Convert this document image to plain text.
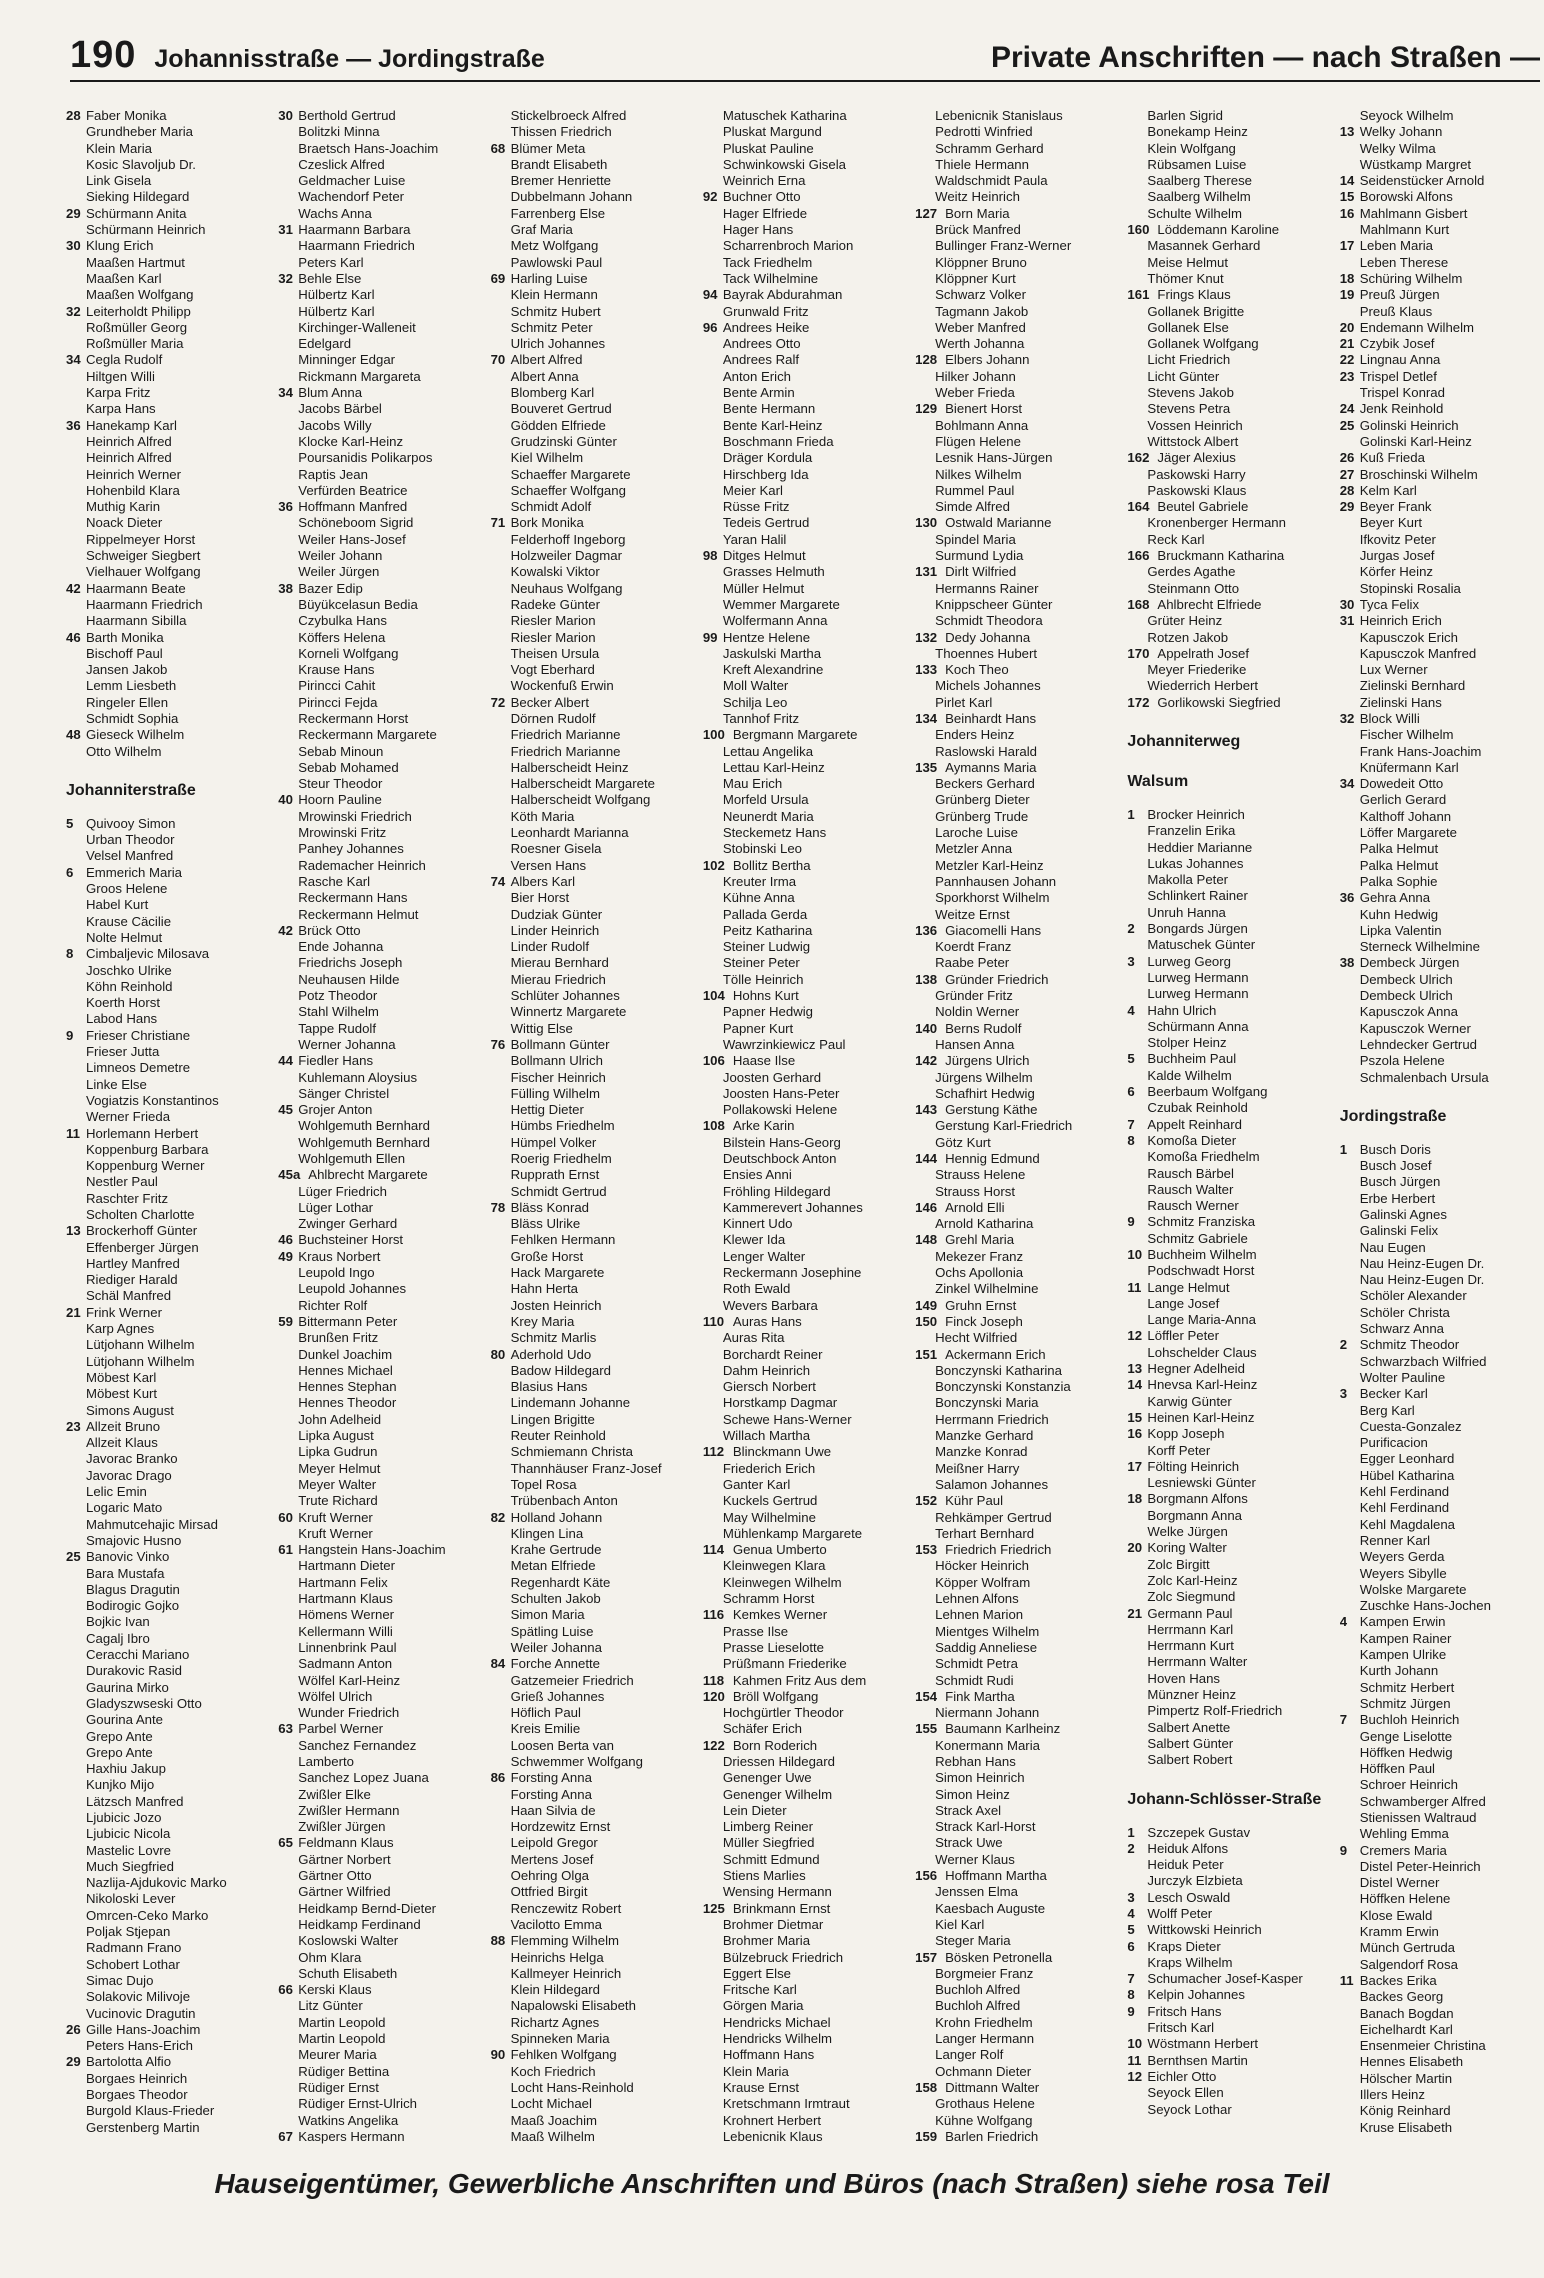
190 Johannisstraße — Jordingstraße	Private Anschriften — nach Straßen —
28 Faber Monika
Grundheber Maria
Klein Maria
Kosic Slavoljub Dr.
Link Gisela
Sieking Hildegard
29 Schürmann Anita
Schürmann Heinrich
30 Klung Erich
Maaßen Hartmut
Maaßen Karl
Maaßen Wolfgang
32 Leiterholdt Philipp
Roßmüller Georg
Roßmüller Maria
34 Cegla Rudolf
Hiltgen Willi
Karpa Fritz
Karpa Hans
36 Hanekamp Karl
Heinrich Alfred
Heinrich Alfred
Heinrich Werner
Hohenbild Klara
Muthig Karin
Noack Dieter
Rippelmeyer Horst
Schweiger Siegbert
Vielhauer Wolfgang
42 Haarmann Beate
Haarmann Friedrich
Haarmann Sibilla
46 Barth Monika
Bischoff Paul
Jansen Jakob
Lemm Liesbeth
Ringeler Ellen
Schmidt Sophia
48 Gieseck Wilhelm
Otto Wilhelm
Johanniterstraße
5 Quivooy Simon
Urban Theodor
Velsel Manfred
6 Emmerich Maria
Groos Helene
Habel Kurt
Krause Cäcilie
Nolte Helmut
8 Cimbaljevic Milosava
Joschko Ulrike
Köhn Reinhold
Koerth Horst
Labod Hans
9 Frieser Christiane
Frieser Jutta
Limneos Demetre
Linke Else
Vogiatzis Konstantinos
Werner Frieda
11 Horlemann Herbert
Koppenburg Barbara
Koppenburg Werner
Nestler Paul
Raschter Fritz
Scholten Charlotte
13 Brockerhoff Günter
Effenberger Jürgen
Hartley Manfred
Riediger Harald
Schäl Manfred
21 Frink Werner
Karp Agnes
Lütjohann Wilhelm
Lütjohann Wilhelm
Möbest Karl
Möbest Kurt
Simons August
23 Allzeit Bruno
Allzeit Klaus
Javorac Branko
Javorac Drago
Lelic Emin
Logaric Mato
Mahmutcehajic Mirsad
Smajovic Husno
25 Banovic Vinko
Bara Mustafa
Blagus Dragutin
Bodirogic Gojko
Bojkic Ivan
Cagalj Ibro
Ceracchi Mariano
Durakovic Rasid
Gaurina Mirko
Gladyszwseski Otto
Gourina Ante
Grepo Ante
Grepo Ante
Haxhiu Jakup
Kunjko Mijo
Lätzsch Manfred
Ljubicic Jozo
Ljubicic Nicola
Mastelic Lovre
Much Siegfried
Nazlija-Ajdukovic Marko
Nikoloski Lever
Omrcen-Ceko Marko
Poljak Stjepan
Radmann Frano
Schobert Lothar
Simac Dujo
Solakovic Milivoje
Vucinovic Dragutin
26 Gille Hans-Joachim
Peters Hans-Erich
29 Bartolotta Alfio
Borgaes Heinrich
Borgaes Theodor
Burgold Klaus-Frieder
Gerstenberg Martin
30 Berthold Gertrud
Bolitzki Minna
Braetsch Hans-Joachim
Czeslick Alfred
Geldmacher Luise
Wachendorf Peter
Wachs Anna
31 Haarmann Barbara
Haarmann Friedrich
Peters Karl
32 Behle Else
Hülbertz Karl
Hülbertz Karl
Kirchinger-Walleneit
Edelgard
Minninger Edgar
Rickmann Margareta
34 Blum Anna
Jacobs Bärbel
Jacobs Willy
Klocke Karl-Heinz
Poursanidis Polikarpos
Raptis Jean
Verfürden Beatrice
36 Hoffmann Manfred
Schöneboom Sigrid
Weiler Hans-Josef
Weiler Johann
Weiler Jürgen
38 Bazer Edip
Büyükcelasun Bedia
Czybulka Hans
Köffers Helena
Korneli Wolfgang
Krause Hans
Pirincci Cahit
Pirincci Fejda
Reckermann Horst
Reckermann Margarete
Sebab Minoun
Sebab Mohamed
Steur Theodor
40 Hoorn Pauline
Mrowinski Friedrich
Mrowinski Fritz
Panhey Johannes
Rademacher Heinrich
Rasche Karl
Reckermann Hans
Reckermann Helmut
42 Brück Otto
Ende Johanna
Friedrichs Joseph
Neuhausen Hilde
Potz Theodor
Stahl Wilhelm
Tappe Rudolf
Werner Johanna
44 Fiedler Hans
Kuhlemann Aloysius
Sänger Christel
45 Grojer Anton
Wohlgemuth Bernhard
Wohlgemuth Bernhard
Wohlgemuth Ellen
45a Ahlbrecht Margarete
Lüger Friedrich
Lüger Lothar
Zwinger Gerhard
46 Buchsteiner Horst
49 Kraus Norbert
Leupold Ingo
Leupold Johannes
Richter Rolf
59 Bittermann Peter
Brunßen Fritz
Dunkel Joachim
Hennes Michael
Hennes Stephan
Hennes Theodor
John Adelheid
Lipka August
Lipka Gudrun
Meyer Helmut
Meyer Walter
Trute Richard
60 Kruft Werner
Kruft Werner
61 Hangstein Hans-Joachim
Hartmann Dieter
Hartmann Felix
Hartmann Klaus
Hömens Werner
Kellermann Willi
Linnenbrink Paul
Sadmann Anton
Wölfel Karl-Heinz
Wölfel Ulrich
Wunder Friedrich
63 Parbel Werner
Sanchez Fernandez
Lamberto
Sanchez Lopez Juana
Zwißler Elke
Zwißler Hermann
Zwißler Jürgen
65 Feldmann Klaus
Gärtner Norbert
Gärtner Otto
Gärtner Wilfried
Heidkamp Bernd-Dieter
Heidkamp Ferdinand
Koslowski Walter
Ohm Klara
Schuth Elisabeth
66 Kerski Klaus
Litz Günter
Martin Leopold
Martin Leopold
Meurer Maria
Rüdiger Bettina
Rüdiger Ernst
Rüdiger Ernst-Ulrich
Watkins Angelika
67 Kaspers Hermann
Stickelbroeck Alfred
Thissen Friedrich
68 Blümer Meta
Brandt Elisabeth
Bremer Henriette
Dubbelmann Johann
Farrenberg Else
Graf Maria
Metz Wolfgang
Pawlowski Paul
69 Harling Luise
Klein Hermann
Schmitz Hubert
Schmitz Peter
Ulrich Johannes
70 Albert Alfred
Albert Anna
Blomberg Karl
Bouveret Gertrud
Gödden Elfriede
Grudzinski Günter
Kiel Wilhelm
Schaeffer Margarete
Schaeffer Wolfgang
Schmidt Adolf
71 Bork Monika
Felderhoff Ingeborg
Holzweiler Dagmar
Kowalski Viktor
Neuhaus Wolfgang
Radeke Günter
Riesler Marion
Riesler Marion
Theisen Ursula
Vogt Eberhard
Wockenfuß Erwin
72 Becker Albert
Dörnen Rudolf
Friedrich Marianne
Friedrich Marianne
Halberscheidt Heinz
Halberscheidt Margarete
Halberscheidt Wolfgang
Köth Maria
Leonhardt Marianna
Roesner Gisela
Versen Hans
74 Albers Karl
Bier Horst
Dudziak Günter
Linder Heinrich
Linder Rudolf
Mierau Bernhard
Mierau Friedrich
Schlüter Johannes
Winnertz Margarete
Wittig Else
76 Bollmann Günter
Bollmann Ulrich
Fischer Heinrich
Fülling Wilhelm
Hettig Dieter
Hümbs Friedhelm
Hümpel Volker
Roerig Friedhelm
Rupprath Ernst
Schmidt Gertrud
78 Bläss Konrad
Bläss Ulrike
Fehlken Hermann
Große Horst
Hack Margarete
Hahn Herta
Josten Heinrich
Krey Maria
Schmitz Marlis
80 Aderhold Udo
Badow Hildegard
Blasius Hans
Lindemann Johanne
Lingen Brigitte
Reuter Reinhold
Schmiemann Christa
Thannhäuser Franz-Josef
Topel Rosa
Trübenbach Anton
82 Holland Johann
Klingen Lina
Krahe Gertrude
Metan Elfriede
Regenhardt Käte
Schulten Jakob
Simon Maria
Spätling Luise
Weiler Johanna
84 Forche Annette
Gatzemeier Friedrich
Grieß Johannes
Höflich Paul
Kreis Emilie
Loosen Berta van
Schwemmer Wolfgang
86 Forsting Anna
Forsting Anna
Haan Silvia de
Hordzewitz Ernst
Leipold Gregor
Mertens Josef
Oehring Olga
Ottfried Birgit
Renczewitz Robert
Vacilotto Emma
88 Flemming Wilhelm
Heinrichs Helga
Kallmeyer Heinrich
Klein Hildegard
Napalowski Elisabeth
Richartz Agnes
Spinneken Maria
90 Fehlken Wolfgang
Koch Friedrich
Locht Hans-Reinhold
Locht Michael
Maaß Joachim
Maaß Wilhelm
Matuschek Katharina
Pluskat Margund
Pluskat Pauline
Schwinkowski Gisela
Weinrich Erna
92 Buchner Otto
Hager Elfriede
Hager Hans
Scharrenbroch Marion
Tack Friedhelm
Tack Wilhelmine
94 Bayrak Abdurahman
Grunwald Fritz
96 Andrees Heike
Andrees Otto
Andrees Ralf
Anton Erich
Bente Armin
Bente Hermann
Bente Karl-Heinz
Boschmann Frieda
Dräger Kordula
Hirschberg Ida
Meier Karl
Rüsse Fritz
Tedeis Gertrud
Yaran Halil
98 Ditges Helmut
Grasses Helmuth
Müller Helmut
Wemmer Margarete
Wolfermann Anna
99 Hentze Helene
Jaskulski Martha
Kreft Alexandrine
Moll Walter
Schilja Leo
Tannhof Fritz
100 Bergmann Margarete
Lettau Angelika
Lettau Karl-Heinz
Mau Erich
Morfeld Ursula
Neunerdt Maria
Steckemetz Hans
Stobinski Leo
102 Bollitz Bertha
Kreuter Irma
Kühne Anna
Pallada Gerda
Peitz Katharina
Steiner Ludwig
Steiner Peter
Tölle Heinrich
104 Hohns Kurt
Papner Hedwig
Papner Kurt
Wawrzinkiewicz Paul
106 Haase Ilse
Joosten Gerhard
Joosten Hans-Peter
Pollakowski Helene
108 Arke Karin
Bilstein Hans-Georg
Deutschbock Anton
Ensies Anni
Fröhling Hildegard
Kammerevert Johannes
Kinnert Udo
Klewer Ida
Lenger Walter
Reckermann Josephine
Roth Ewald
Wevers Barbara
110 Auras Hans
Auras Rita
Borchardt Reiner
Dahm Heinrich
Giersch Norbert
Horstkamp Dagmar
Schewe Hans-Werner
Willach Martha
112 Blinckmann Uwe
Friederich Erich
Ganter Karl
Kuckels Gertrud
May Wilhelmine
Mühlenkamp Margarete
114 Genua Umberto
Kleinwegen Klara
Kleinwegen Wilhelm
Schramm Horst
116 Kemkes Werner
Prasse Ilse
Prasse Lieselotte
Prüßmann Friederike
118 Kahmen Fritz Aus dem
120 Bröll Wolfgang
Hochgürtler Theodor
Schäfer Erich
122 Born Roderich
Driessen Hildegard
Genenger Uwe
Genenger Wilhelm
Lein Dieter
Limberg Reiner
Müller Siegfried
Schmitt Edmund
Stiens Marlies
Wensing Hermann
125 Brinkmann Ernst
Brohmer Dietmar
Brohmer Maria
Bülzebruck Friedrich
Eggert Else
Fritsche Karl
Görgen Maria
Hendricks Michael
Hendricks Wilhelm
Hoffmann Hans
Klein Maria
Krause Ernst
Kretschmann Irmtraut
Krohnert Herbert
Lebenicnik Klaus
Lebenicnik Stanislaus
Pedrotti Winfried
Schramm Gerhard
Thiele Hermann
Waldschmidt Paula
Weitz Heinrich
127 Born Maria
Brück Manfred
Bullinger Franz-Werner
Klöppner Bruno
Klöppner Kurt
Schwarz Volker
Tagmann Jakob
Weber Manfred
Werth Johanna
128 Elbers Johann
Hilker Johann
Weber Frieda
129 Bienert Horst
Bohlmann Anna
Flügen Helene
Lesnik Hans-Jürgen
Nilkes Wilhelm
Rummel Paul
Simde Alfred
130 Ostwald Marianne
Spindel Maria
Surmund Lydia
131 Dirlt Wilfried
Hermanns Rainer
Knippscheer Günter
Schmidt Theodora
132 Dedy Johanna
Thoennes Hubert
133 Koch Theo
Michels Johannes
Pirlet Karl
134 Beinhardt Hans
Enders Heinz
Raslowski Harald
135 Aymanns Maria
Beckers Gerhard
Grünberg Dieter
Grünberg Trude
Laroche Luise
Metzler Anna
Metzler Karl-Heinz
Pannhausen Johann
Sporkhorst Wilhelm
Weitze Ernst
136 Giacomelli Hans
Koerdt Franz
Raabe Peter
138 Gründer Friedrich
Gründer Fritz
Noldin Werner
140 Berns Rudolf
Hansen Anna
142 Jürgens Ulrich
Jürgens Wilhelm
Schafhirt Hedwig
143 Gerstung Käthe
Gerstung Karl-Friedrich
Götz Kurt
144 Hennig Edmund
Strauss Helene
Strauss Horst
146 Arnold Elli
Arnold Katharina
148 Grehl Maria
Mekezer Franz
Ochs Apollonia
Zinkel Wilhelmine
149 Gruhn Ernst
150 Finck Joseph
Hecht Wilfried
151 Ackermann Erich
Bonczynski Katharina
Bonczynski Konstanzia
Bonczynski Maria
Herrmann Friedrich
Manzke Gerhard
Manzke Konrad
Meißner Harry
Salamon Johannes
152 Kühr Paul
Rehkämper Gertrud
Terhart Bernhard
153 Friedrich Friedrich
Höcker Heinrich
Köpper Wolfram
Lehnen Alfons
Lehnen Marion
Mientges Wilhelm
Saddig Anneliese
Schmidt Petra
Schmidt Rudi
154 Fink Martha
Niermann Johann
155 Baumann Karlheinz
Konermann Maria
Rebhan Hans
Simon Heinrich
Simon Heinz
Strack Axel
Strack Karl-Horst
Strack Uwe
Werner Klaus
156 Hoffmann Martha
Jenssen Elma
Kaesbach Auguste
Kiel Karl
Steger Maria
157 Bösken Petronella
Borgmeier Franz
Buchloh Alfred
Buchloh Alfred
Krohn Friedhelm
Langer Hermann
Langer Rolf
Ochmann Dieter
158 Dittmann Walter
Grothaus Helene
Kühne Wolfgang
159 Barlen Friedrich
Barlen Sigrid
Bonekamp Heinz
Klein Wolfgang
Rübsamen Luise
Saalberg Therese
Saalberg Wilhelm
Schulte Wilhelm
160 Löddemann Karoline
Masannek Gerhard
Meise Helmut
Thömer Knut
161 Frings Klaus
Gollanek Brigitte
Gollanek Else
Gollanek Wolfgang
Licht Friedrich
Licht Günter
Stevens Jakob
Stevens Petra
Vossen Heinrich
Wittstock Albert
162 Jäger Alexius
Paskowski Harry
Paskowski Klaus
164 Beutel Gabriele
Kronenberger Hermann
Reck Karl
166 Bruckmann Katharina
Gerdes Agathe
Steinmann Otto
168 Ahlbrecht Elfriede
Grüter Heinz
Rotzen Jakob
170 Appelrath Josef
Meyer Friederike
Wiederrich Herbert
172 Gorlikowski Siegfried
Johanniterweg
Walsum
1 Brocker Heinrich
Franzelin Erika
Heddier Marianne
Lukas Johannes
Makolla Peter
Schlinkert Rainer
Unruh Hanna
2 Bongards Jürgen
Matuschek Günter
3 Lurweg Georg
Lurweg Hermann
Lurweg Hermann
4 Hahn Ulrich
Schürmann Anna
Stolper Heinz
5 Buchheim Paul
Kalde Wilhelm
6 Beerbaum Wolfgang
Czubak Reinhold
7 Appelt Reinhard
8 Komoßa Dieter
Komoßa Friedhelm
Rausch Bärbel
Rausch Walter
Rausch Werner
9 Schmitz Franziska
Schmitz Gabriele
10 Buchheim Wilhelm
Podschwadt Horst
11 Lange Helmut
Lange Josef
Lange Maria-Anna
12 Löffler Peter
Lohschelder Claus
13 Hegner Adelheid
14 Hnevsa Karl-Heinz
Karwig Günter
15 Heinen Karl-Heinz
16 Kopp Joseph
Korff Peter
17 Fölting Heinrich
Lesniewski Günter
18 Borgmann Alfons
Borgmann Anna
Welke Jürgen
20 Koring Walter
Zolc Birgitt
Zolc Karl-Heinz
Zolc Siegmund
21 Germann Paul
Herrmann Karl
Herrmann Kurt
Herrmann Walter
Hoven Hans
Münzner Heinz
Pimpertz Rolf-Friedrich
Salbert Anette
Salbert Günter
Salbert Robert
Johann-Schlösser-Straße
1 Szczepek Gustav
2 Heiduk Alfons
Heiduk Peter
Jurczyk Elzbieta
3 Lesch Oswald
4 Wolff Peter
5 Wittkowski Heinrich
6 Kraps Dieter
Kraps Wilhelm
7 Schumacher Josef-Kasper
8 Kelpin Johannes
9 Fritsch Hans
Fritsch Karl
10 Wöstmann Herbert
11 Bernthsen Martin
12 Eichler Otto
Seyock Ellen
Seyock Lothar
Seyock Wilhelm
13 Welky Johann
Welky Wilma
Wüstkamp Margret
14 Seidenstücker Arnold
15 Borowski Alfons
16 Mahlmann Gisbert
Mahlmann Kurt
17 Leben Maria
Leben Therese
18 Schüring Wilhelm
19 Preuß Jürgen
Preuß Klaus
20 Endemann Wilhelm
21 Czybik Josef
22 Lingnau Anna
23 Trispel Detlef
Trispel Konrad
24 Jenk Reinhold
25 Golinski Heinrich
Golinski Karl-Heinz
26 Kuß Frieda
27 Broschinski Wilhelm
28 Kelm Karl
29 Beyer Frank
Beyer Kurt
Ifkovitz Peter
Jurgas Josef
Körfer Heinz
Stopinski Rosalia
30 Tyca Felix
31 Heinrich Erich
Kapusczok Erich
Kapusczok Manfred
Lux Werner
Zielinski Bernhard
Zielinski Hans
32 Block Willi
Fischer Wilhelm
Frank Hans-Joachim
Knüfermann Karl
34 Dowedeit Otto
Gerlich Gerard
Kalthoff Johann
Löffer Margarete
Palka Helmut
Palka Helmut
Palka Sophie
36 Gehra Anna
Kuhn Hedwig
Lipka Valentin
Sterneck Wilhelmine
38 Dembeck Jürgen
Dembeck Ulrich
Dembeck Ulrich
Kapusczok Anna
Kapusczok Werner
Lehndecker Gertrud
Pszola Helene
Schmalenbach Ursula
Jordingstraße
1 Busch Doris
Busch Josef
Busch Jürgen
Erbe Herbert
Galinski Agnes
Galinski Felix
Nau Eugen
Nau Heinz-Eugen Dr.
Nau Heinz-Eugen Dr.
Schöler Alexander
Schöler Christa
Schwarz Anna
2 Schmitz Theodor
Schwarzbach Wilfried
Wolter Pauline
3 Becker Karl
Berg Karl
Cuesta-Gonzalez
Purificacion
Egger Leonhard
Hübel Katharina
Kehl Ferdinand
Kehl Ferdinand
Kehl Magdalena
Renner Karl
Weyers Gerda
Weyers Sibylle
Wolske Margarete
Zuschke Hans-Jochen
4 Kampen Erwin
Kampen Rainer
Kampen Ulrike
Kurth Johann
Schmitz Herbert
Schmitz Jürgen
7 Buchloh Heinrich
Genge Liselotte
Höffken Hedwig
Höffken Paul
Schroer Heinrich
Schwamberger Alfred
Stienissen Waltraud
Wehling Emma
9 Cremers Maria
Distel Peter-Heinrich
Distel Werner
Höffken Helene
Klose Ewald
Kramm Erwin
Münch Gertruda
Salgendorf Rosa
11 Backes Erika
Backes Georg
Banach Bogdan
Eichelhardt Karl
Ensenmeier Christina
Hennes Elisabeth
Hölscher Martin
Illers Heinz
König Reinhard
Kruse Elisabeth
Hauseigentümer, Gewerbliche Anschriften und Büros (nach Straßen) siehe rosa Teil
